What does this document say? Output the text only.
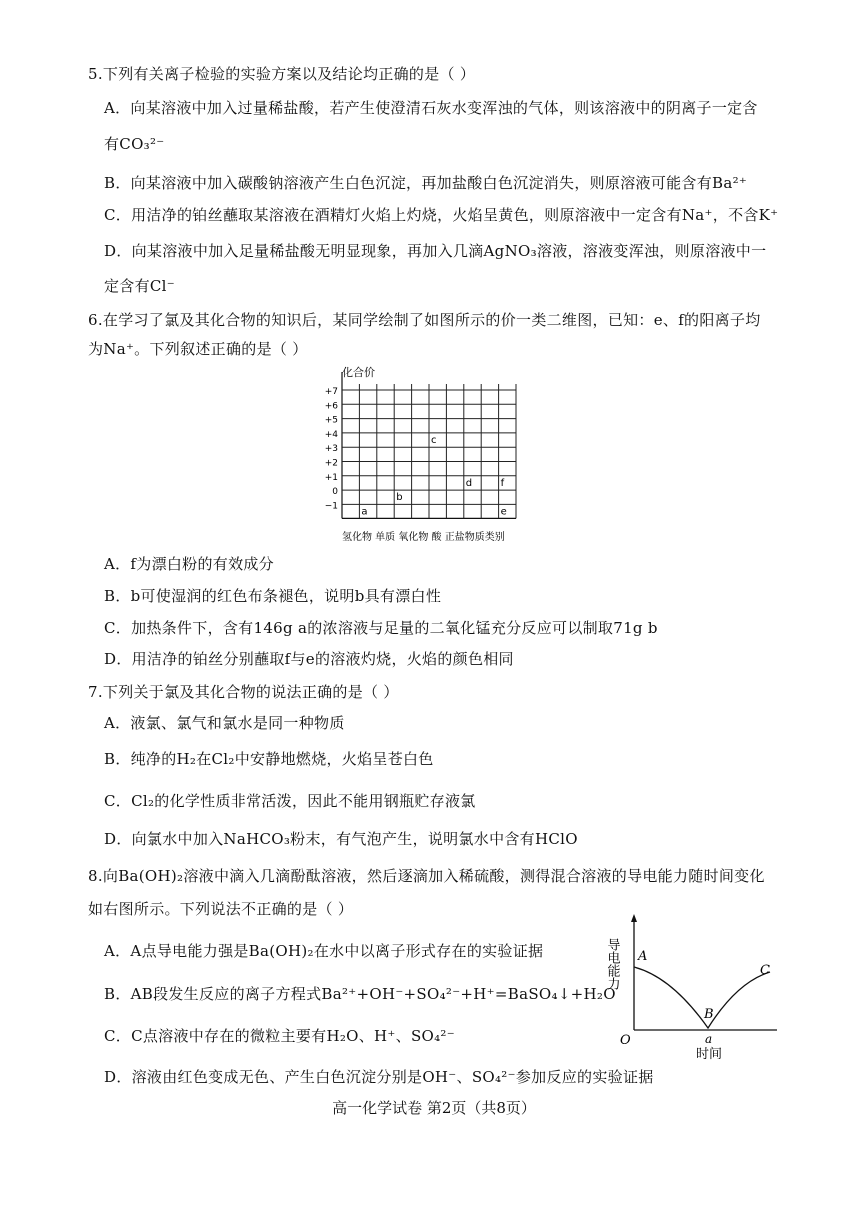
5.下列有关离子检验的实验方案以及结论均正确的是（ ）
A．向某溶液中加入过量稀盐酸，若产生使澄清石灰水变浑浊的气体，则该溶液中的阴离子一定含
有CO₃²⁻
B．向某溶液中加入碳酸钠溶液产生白色沉淀，再加盐酸白色沉淀消失，则原溶液可能含有Ba²⁺
C．用洁净的铂丝蘸取某溶液在酒精灯火焰上灼烧，火焰呈黄色，则原溶液中一定含有Na⁺，不含K⁺
D．向某溶液中加入足量稀盐酸无明显现象，再加入几滴AgNO₃溶液，溶液变浑浊，则原溶液中一
定含有Cl⁻
6.在学习了氯及其化合物的知识后，某同学绘制了如图所示的价一类二维图，已知：e、f的阳离子均
为Na⁺。下列叙述正确的是（ ）
+7
+6
+5
+4
+3
+2
+1
0
−1 a
b
c
d
e
f
化合价
氢化物 单质 氧化物 酸 正盐物质类别
A．f为漂白粉的有效成分
B．b可使湿润的红色布条褪色，说明b具有漂白性
C．加热条件下，含有146g a的浓溶液与足量的二氧化锰充分反应可以制取71g b
D．用洁净的铂丝分别蘸取f与e的溶液灼烧，火焰的颜色相同
7.下列关于氯及其化合物的说法正确的是（ ）
A．液氯、氯气和氯水是同一种物质
B．纯净的H₂在Cl₂中安静地燃烧，火焰呈苍白色
C．Cl₂的化学性质非常活泼，因此不能用钢瓶贮存液氯
D．向氯水中加入NaHCO₃粉末，有气泡产生，说明氯水中含有HClO
8.向Ba(OH)₂溶液中滴入几滴酚酞溶液，然后逐滴加入稀硫酸，测得混合溶液的导电能力随时间变化
如右图所示。下列说法不正确的是（ ）
A．A点导电能力强是Ba(OH)₂在水中以离子形式存在的实验证据
B．AB段发生反应的离子方程式Ba²⁺+OH⁻+SO₄²⁻+H⁺=BaSO₄↓+H₂O
C．C点溶液中存在的微粒主要有H₂O、H⁺、SO₄²⁻
D．溶液由红色变成无色、产生白色沉淀分别是OH⁻、SO₄²⁻参加反应的实验证据
导电能力 A
B
C
O	a
时间
高一化学试卷 第2页（共8页）
